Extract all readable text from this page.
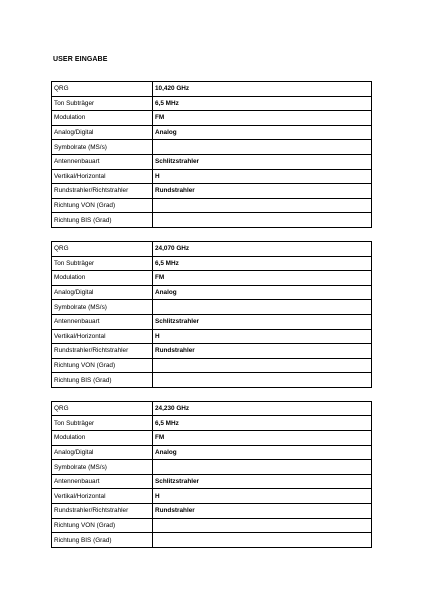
USER EINGABE
QRG	10,420 GHz
Ton Subträger	6,5 MHz
Modulation	FM
Analog/Digital	Analog
Symbolrate (MS/s)	
Antennenbauart	Schlitzstrahler
Vertikal/Horizontal	H
Rundstrahler/Richtstrahler	Rundstrahler
Richtung VON (Grad)	
Richtung BIS (Grad)	
QRG	24,070 GHz
Ton Subträger	6,5 MHz
Modulation	FM
Analog/Digital	Analog
Symbolrate (MS/s)	
Antennenbauart	Schlitzstrahler
Vertikal/Horizontal	H
Rundstrahler/Richtstrahler	Rundstrahler
Richtung VON (Grad)	
Richtung BIS (Grad)	
QRG	24,230 GHz
Ton Subträger	6,5 MHz
Modulation	FM
Analog/Digital	Analog
Symbolrate (MS/s)	
Antennenbauart	Schlitzstrahler
Vertikal/Horizontal	H
Rundstrahler/Richtstrahler	Rundstrahler
Richtung VON (Grad)	
Richtung BIS (Grad)	
